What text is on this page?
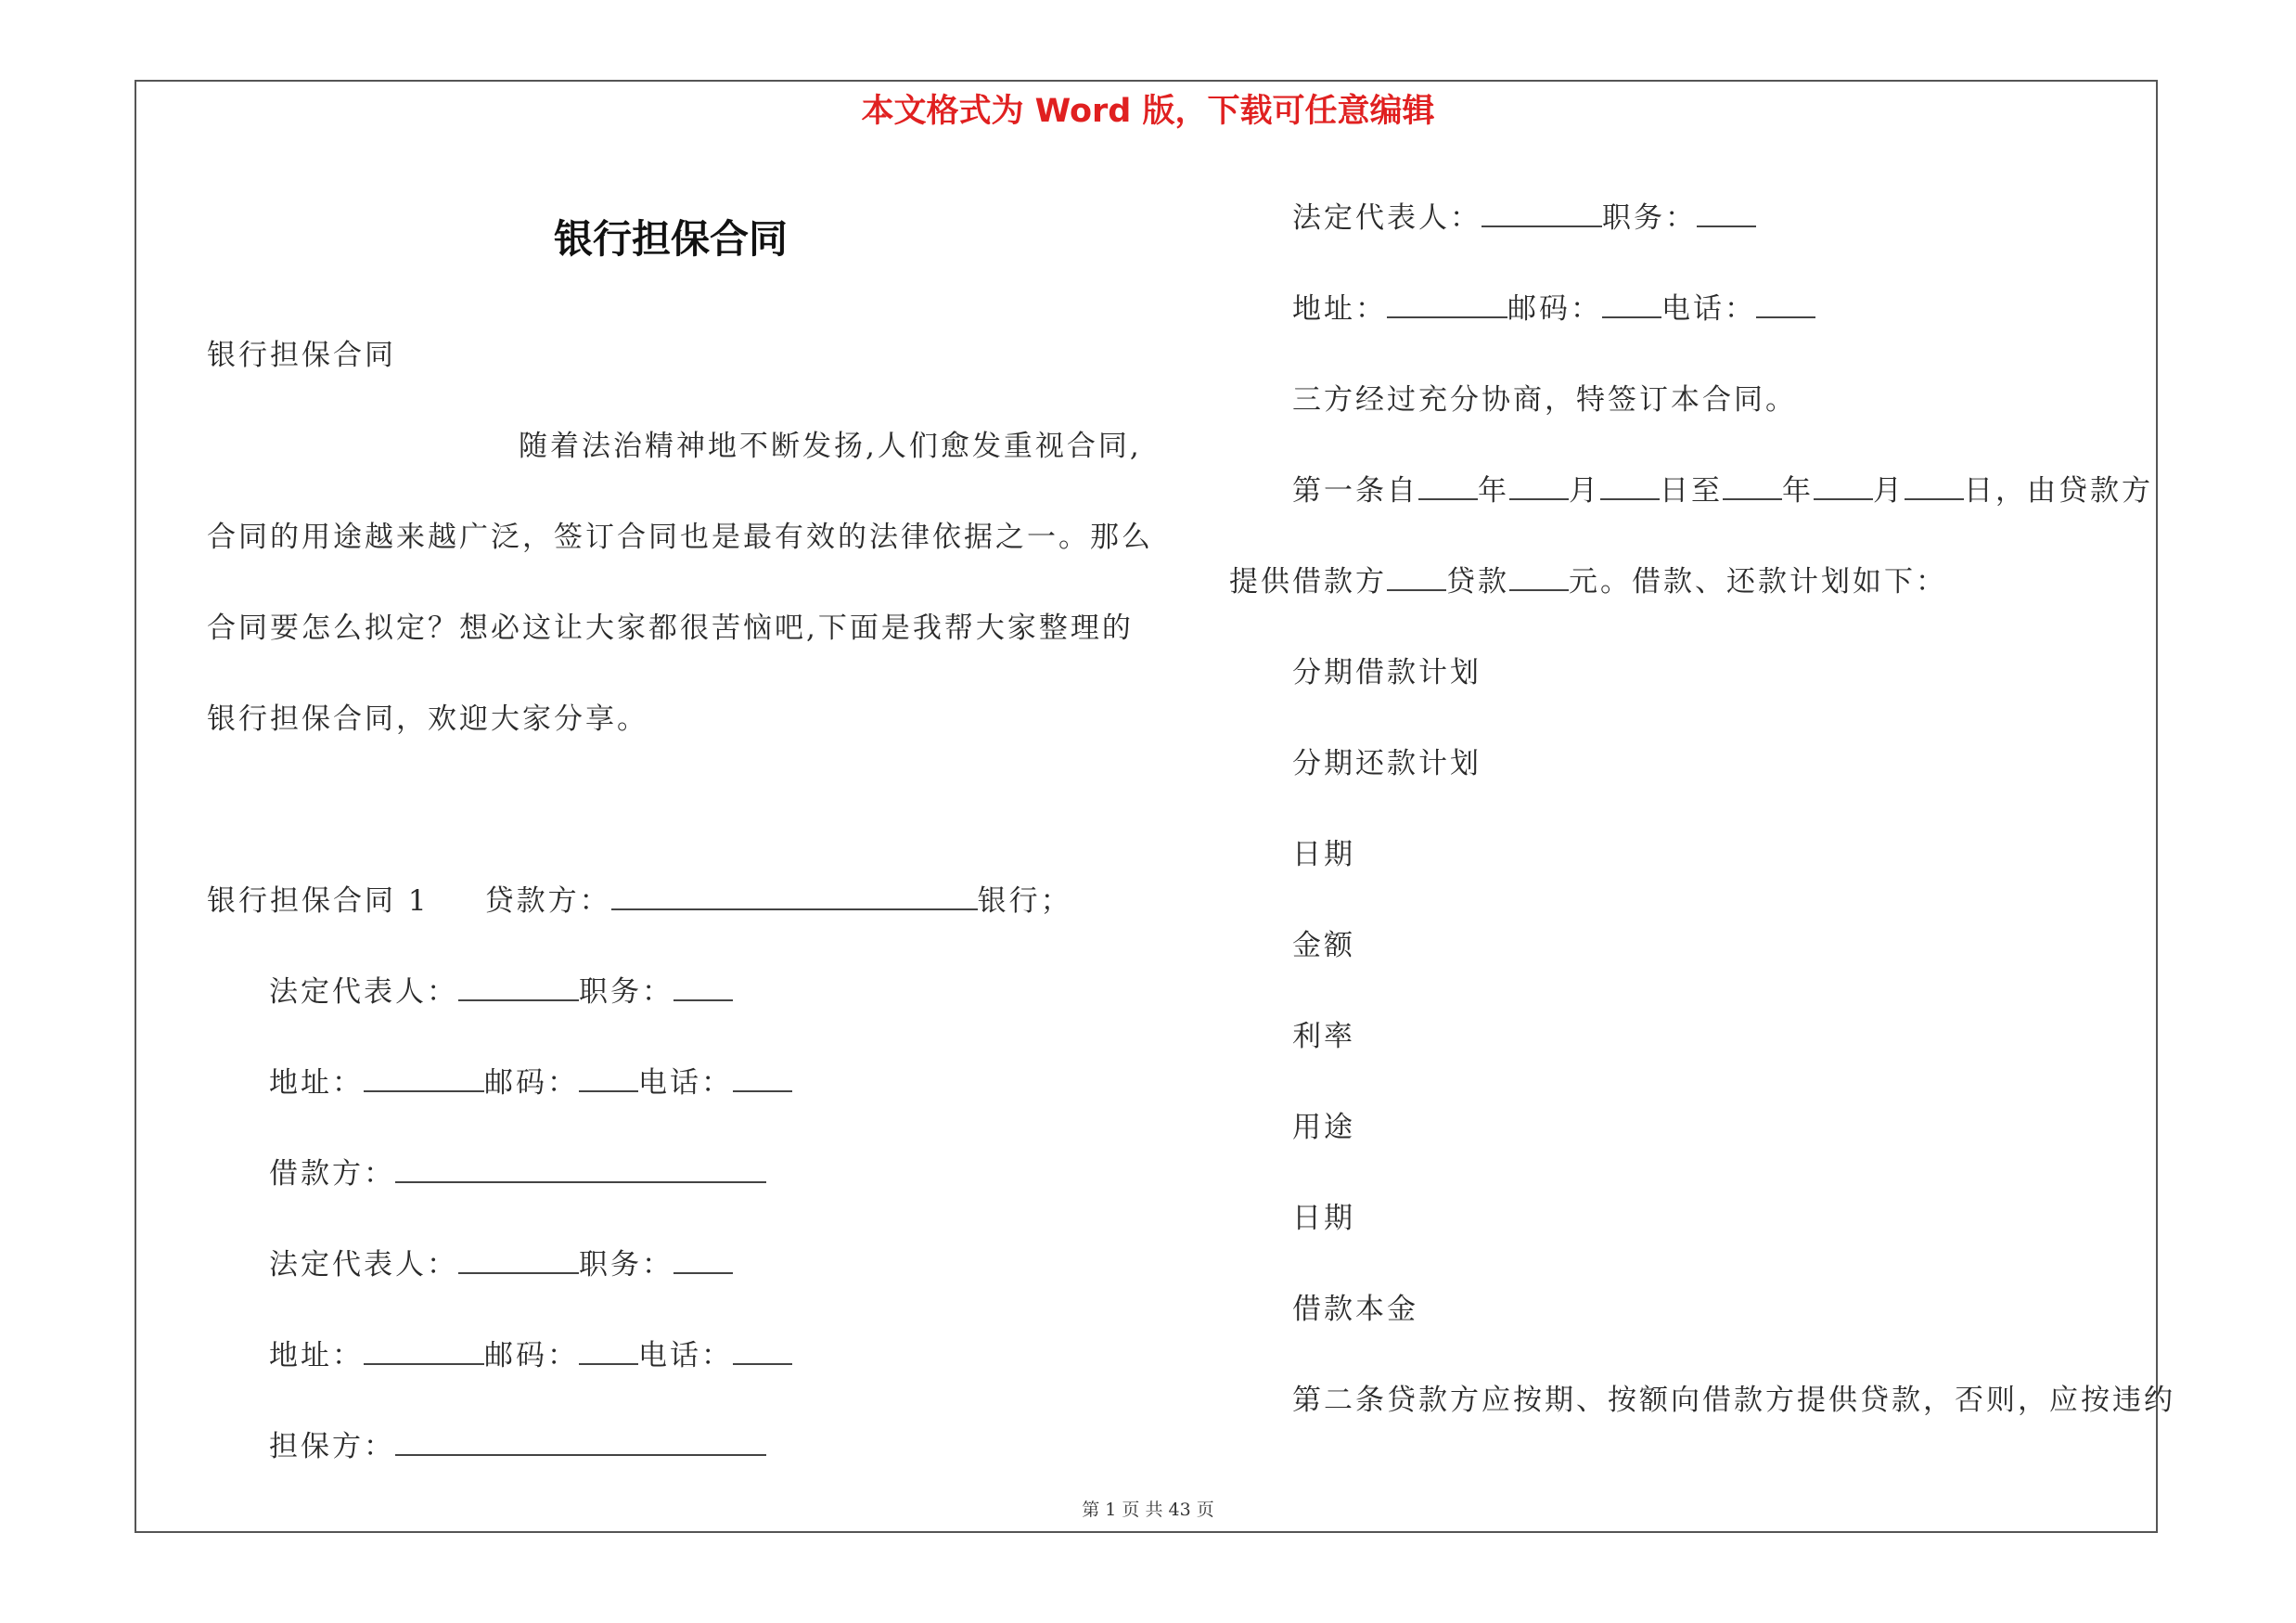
本文格式为 Word 版，下载可任意编辑
银行担保合同
银行担保合同
随着法治精神地不断发扬,人们愈发重视合同,
合同的用途越来越广泛，签订合同也是最有效的法律依据之一。那么
合同要怎么拟定？想必这让大家都很苦恼吧,下面是我帮大家整理的
银行担保合同，欢迎大家分享。
银行担保合同 1 贷款方：	银行；
法定代表人：	职务：
地址：	邮码： 电话：
借款方：
法定代表人：	职务：
地址：	邮码： 电话：
担保方：
法定代表人：	职务：
地址：	邮码： 电话：
三方经过充分协商，特签订本合同。
第一条自 年 月 日至 年 月 日，由贷款方
提供借款方 贷款 元。借款、还款计划如下：
分期借款计划
分期还款计划
日期
金额
利率
用途
日期
借款本金
第二条贷款方应按期、按额向借款方提供贷款，否则，应按违约
第 1 页 共 43 页
